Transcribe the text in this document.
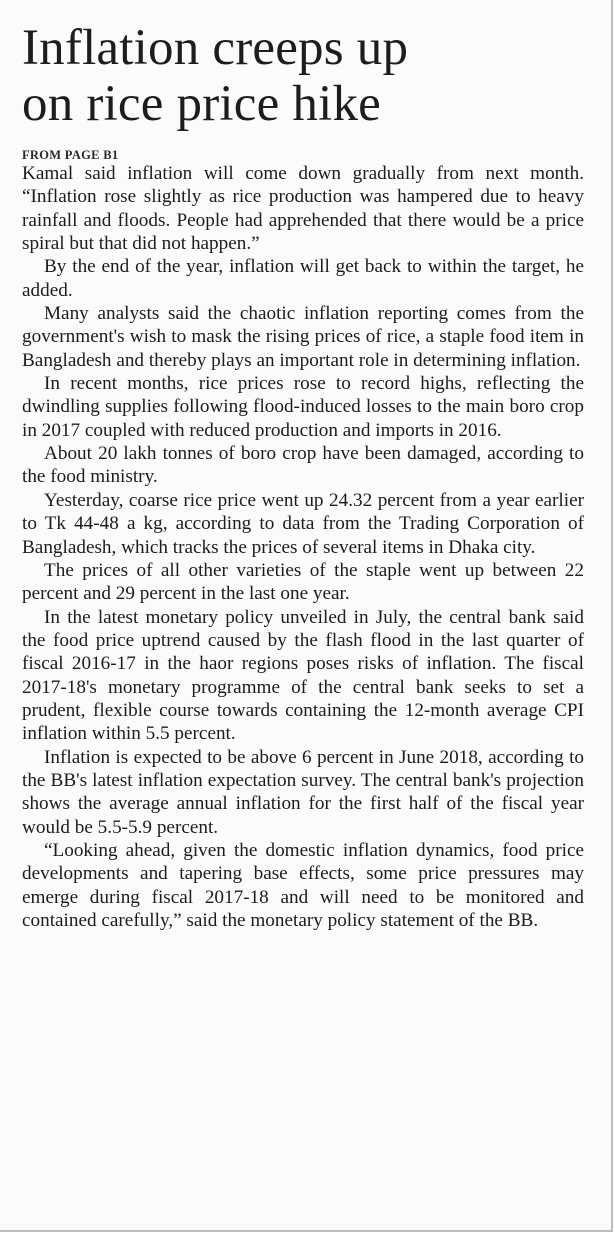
Inflation creeps up
on rice price hike
FROM PAGE B1

Kamal said inflation will come down gradually from next month. “Inflation rose slightly as rice production was hampered due to heavy rainfall and floods. People had apprehended that there would be a price spiral but that did not happen.”

By the end of the year, inflation will get back to within the target, he added.

Many analysts said the chaotic inflation reporting comes from the government's wish to mask the rising prices of rice, a staple food item in Bangladesh and thereby plays an important role in determining inflation.

In recent months, rice prices rose to record highs, reflecting the dwindling supplies following flood-induced losses to the main boro crop in 2017 coupled with reduced production and imports in 2016.

About 20 lakh tonnes of boro crop have been damaged, according to the food ministry.

Yesterday, coarse rice price went up 24.32 percent from a year earlier to Tk 44-48 a kg, according to data from the Trading Corporation of Bangladesh, which tracks the prices of several items in Dhaka city.

The prices of all other varieties of the staple went up between 22 percent and 29 percent in the last one year.

In the latest monetary policy unveiled in July, the central bank said the food price uptrend caused by the flash flood in the last quarter of fiscal 2016-17 in the haor regions poses risks of inflation. The fiscal 2017-18's monetary programme of the central bank seeks to set a prudent, flexible course towards containing the 12-month average CPI inflation within 5.5 percent.

Inflation is expected to be above 6 percent in June 2018, according to the BB's latest inflation expectation survey. The central bank's projection shows the average annual inflation for the first half of the fiscal year would be 5.5-5.9 percent.

“Looking ahead, given the domestic inflation dynamics, food price developments and tapering base effects, some price pressures may emerge during fiscal 2017-18 and will need to be monitored and contained carefully,” said the monetary policy statement of the BB.
